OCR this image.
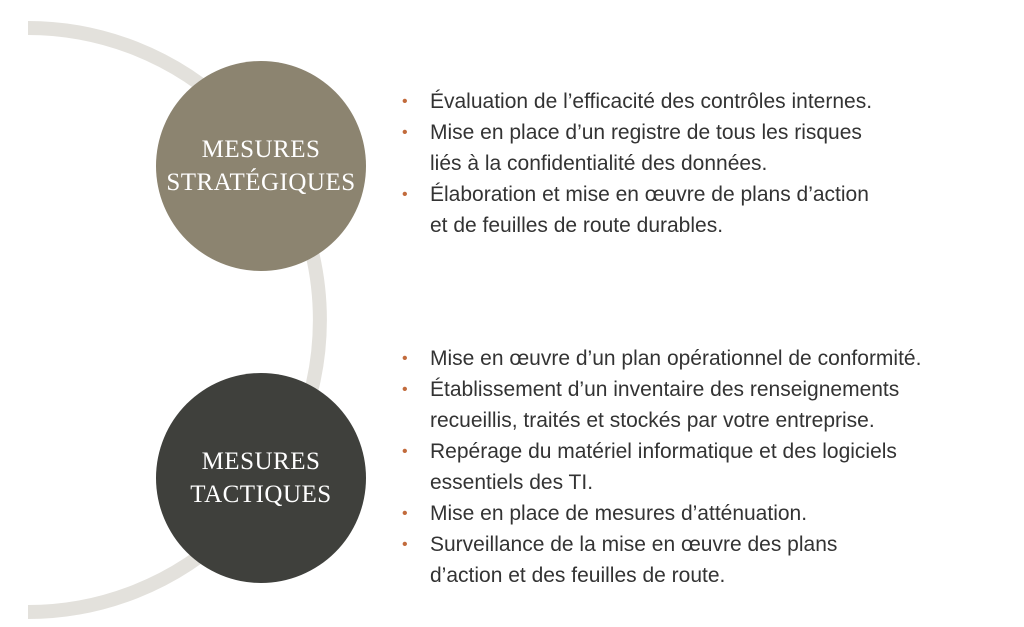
MESURES
STRATÉGIQUES
MESURES
TACTIQUES
• Évaluation de l’efficacité des contrôles internes.
• Mise en place d’un registre de tous les risques
liés à la confidentialité des données.
• Élaboration et mise en œuvre de plans d’action
et de feuilles de route durables.
• Mise en œuvre d’un plan opérationnel de conformité.
• Établissement d’un inventaire des renseignements
recueillis, traités et stockés par votre entreprise.
• Repérage du matériel informatique et des logiciels
essentiels des TI.
• Mise en place de mesures d’atténuation.
• Surveillance de la mise en œuvre des plans
d’action et des feuilles de route.
